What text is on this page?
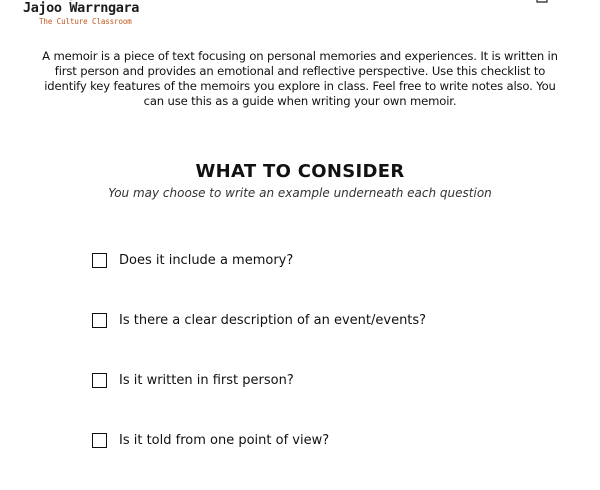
Jajoo Warrngara
The Culture Classroom

A memoir is a piece of text focusing on personal memories and experiences. It is written in first person and provides an emotional and reflective perspective. Use this checklist to identify key features of the memoirs you explore in class. Feel free to write notes also. You can use this as a guide when writing your own memoir.

WHAT TO CONSIDER

You may choose to write an example underneath each question

Does it include a memory?
Is there a clear description of an event/events?
Is it written in first person?
Is it told from one point of view?
